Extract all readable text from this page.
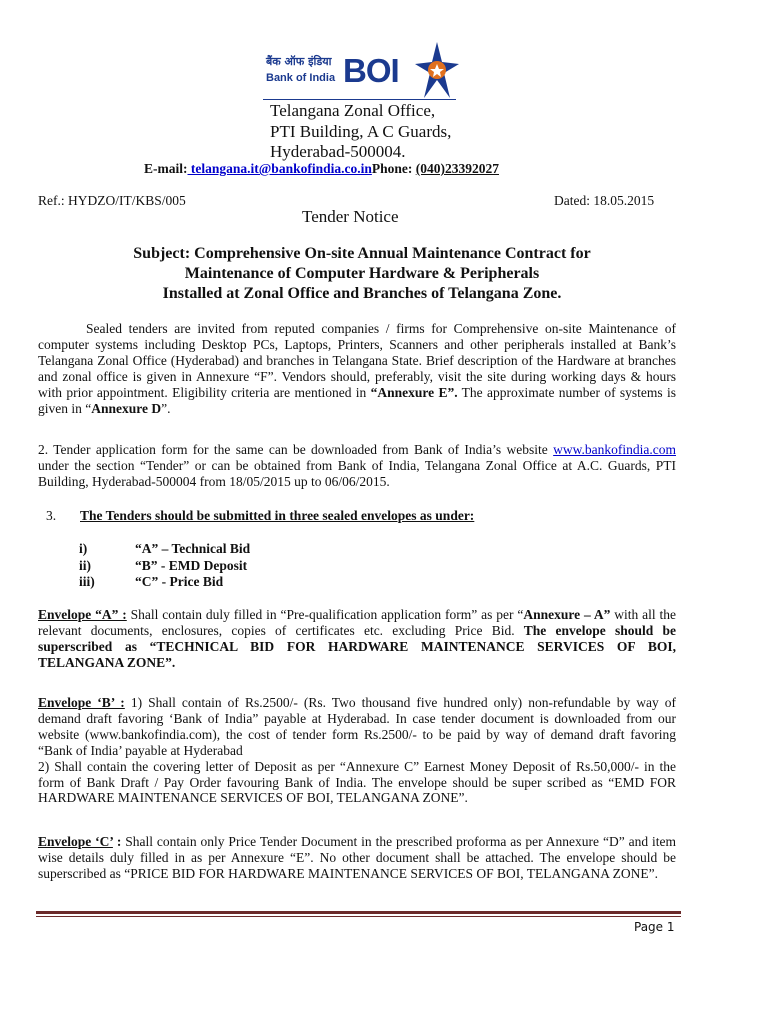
बैंक ऑफ इंडिया
Bank of India BOI
Telangana Zonal Office,
PTI Building, A C Guards,
Hyderabad-500004.
E-mail: telangana.it@bankofindia.co.inPhone: (040)23392027
Ref.: HYDZO/IT/KBS/005	Dated: 18.05.2015
Tender Notice
Subject: Comprehensive On-site Annual Maintenance Contract for
Maintenance of Computer Hardware & Peripherals
Installed at Zonal Office and Branches of Telangana Zone.

Sealed tenders are invited from reputed companies / firms for Comprehensive on-site Maintenance of computer systems including Desktop PCs, Laptops, Printers, Scanners and other peripherals installed at Bank’s Telangana Zonal Office (Hyderabad) and branches in Telangana State. Brief description of the Hardware at branches and zonal office is given in Annexure “F”. Vendors should, preferably, visit the site during working days & hours with prior appointment. Eligibility criteria are mentioned in “Annexure E”. The approximate number of systems is given in “Annexure D”.

2. Tender application form for the same can be downloaded from Bank of India’s website www.bankofindia.com under the section “Tender” or can be obtained from Bank of India, Telangana Zonal Office at A.C. Guards, PTI Building, Hyderabad-500004 from 18/05/2015 up to 06/06/2015.

3. The Tenders should be submitted in three sealed envelopes as under:
i)	“A” – Technical Bid
ii)	“B” - EMD Deposit
iii)	“C” - Price Bid

Envelope “A” : Shall contain duly filled in “Pre-qualification application form” as per “Annexure – A” with all the relevant documents, enclosures, copies of certificates etc. excluding Price Bid. The envelope should be superscribed as “TECHNICAL BID FOR HARDWARE MAINTENANCE SERVICES OF BOI, TELANGANA ZONE”.

Envelope ‘B’ : 1) Shall contain of Rs.2500/- (Rs. Two thousand five hundred only) non-refundable by way of demand draft favoring ‘Bank of India” payable at Hyderabad. In case tender document is downloaded from our website (www.bankofindia.com), the cost of tender form Rs.2500/- to be paid by way of demand draft favoring “Bank of India’ payable at Hyderabad

2) Shall contain the covering letter of Deposit as per “Annexure C” Earnest Money Deposit of Rs.50,000/- in the form of Bank Draft / Pay Order favouring Bank of India. The envelope should be super scribed as “EMD FOR HARDWARE MAINTENANCE SERVICES OF BOI, TELANGANA ZONE”.

Envelope ‘C’ : Shall contain only Price Tender Document in the prescribed proforma as per Annexure “D” and item wise details duly filled in as per Annexure “E”. No other document shall be attached. The envelope should be superscribed as “PRICE BID FOR HARDWARE MAINTENANCE SERVICES OF BOI, TELANGANA ZONE”.

Page 1
